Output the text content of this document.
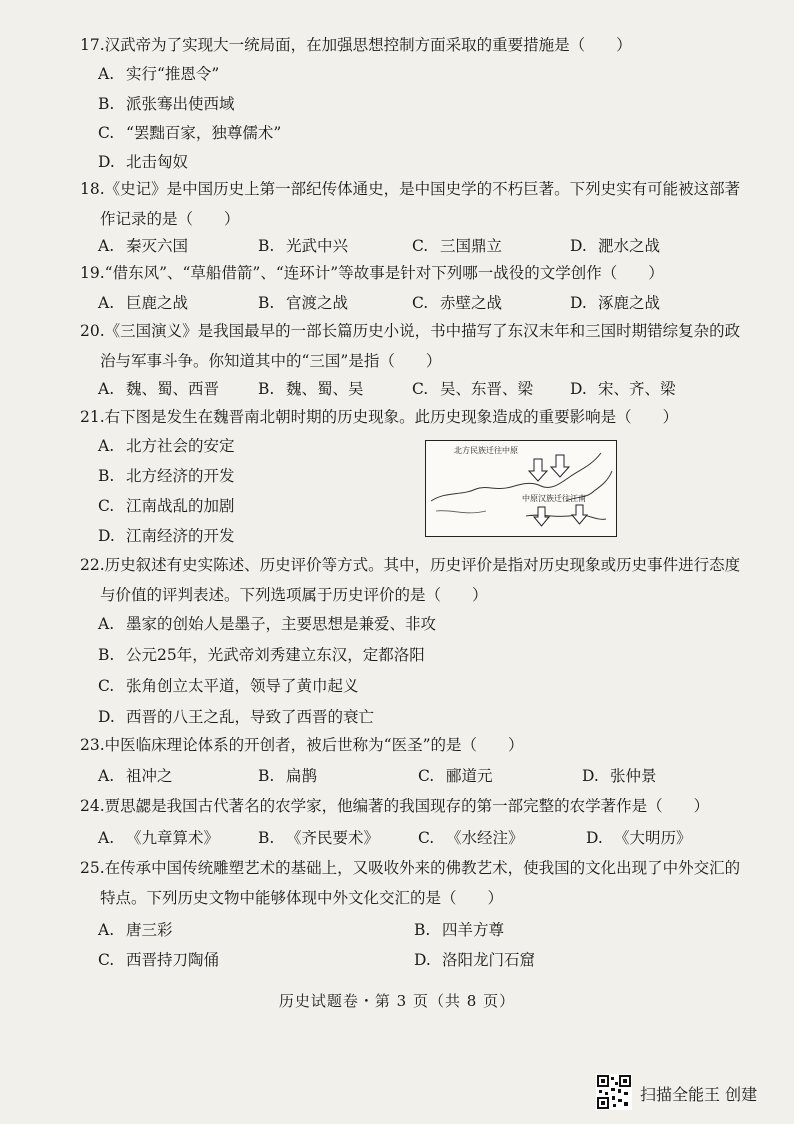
17.汉武帝为了实现大一统局面，在加强思想控制方面采取的重要措施是（　　）
A. 实行“推恩令”
B. 派张骞出使西域
C. “罢黜百家，独尊儒术”
D. 北击匈奴
18.《史记》是中国历史上第一部纪传体通史，是中国史学的不朽巨著。下列史实有可能被这部著
作记录的是（　　）
A. 秦灭六国	B. 光武中兴	C. 三国鼎立	D. 淝水之战
19.“借东风”、“草船借箭”、“连环计”等故事是针对下列哪一战役的文学创作（　　）
A. 巨鹿之战	B. 官渡之战	C. 赤壁之战	D. 涿鹿之战
20.《三国演义》是我国最早的一部长篇历史小说，书中描写了东汉末年和三国时期错综复杂的政
治与军事斗争。你知道其中的“三国”是指（　　）
A. 魏、蜀、西晋	B. 魏、蜀、吴	C. 吴、东晋、梁 D. 宋、齐、梁
21.右下图是发生在魏晋南北朝时期的历史现象。此历史现象造成的重要影响是（　　）
A. 北方社会的安定
B. 北方经济的开发
C. 江南战乱的加剧
D. 江南经济的开发
北方民族迁往中原
中原汉族迁往江南
22.历史叙述有史实陈述、历史评价等方式。其中，历史评价是指对历史现象或历史事件进行态度
与价值的评判表述。下列选项属于历史评价的是（　　）
A. 墨家的创始人是墨子，主要思想是兼爱、非攻
B. 公元25年，光武帝刘秀建立东汉，定都洛阳
C. 张角创立太平道，领导了黄巾起义
D. 西晋的八王之乱，导致了西晋的衰亡
23.中医临床理论体系的开创者，被后世称为“医圣”的是（　　）
A. 祖冲之	B. 扁鹊	C. 郦道元	D. 张仲景
24.贾思勰是我国古代著名的农学家，他编著的我国现存的第一部完整的农学著作是（　　）
A. 《九章算术》	B. 《齐民要术》	C. 《水经注》	D. 《大明历》
25.在传承中国传统雕塑艺术的基础上，又吸收外来的佛教艺术，使我国的文化出现了中外交汇的
特点。下列历史文物中能够体现中外文化交汇的是（　　）
A. 唐三彩	B. 四羊方尊
C. 西晋持刀陶俑	D. 洛阳龙门石窟
历史试题卷・第 3 页（共 8 页）
扫描全能王 创建
